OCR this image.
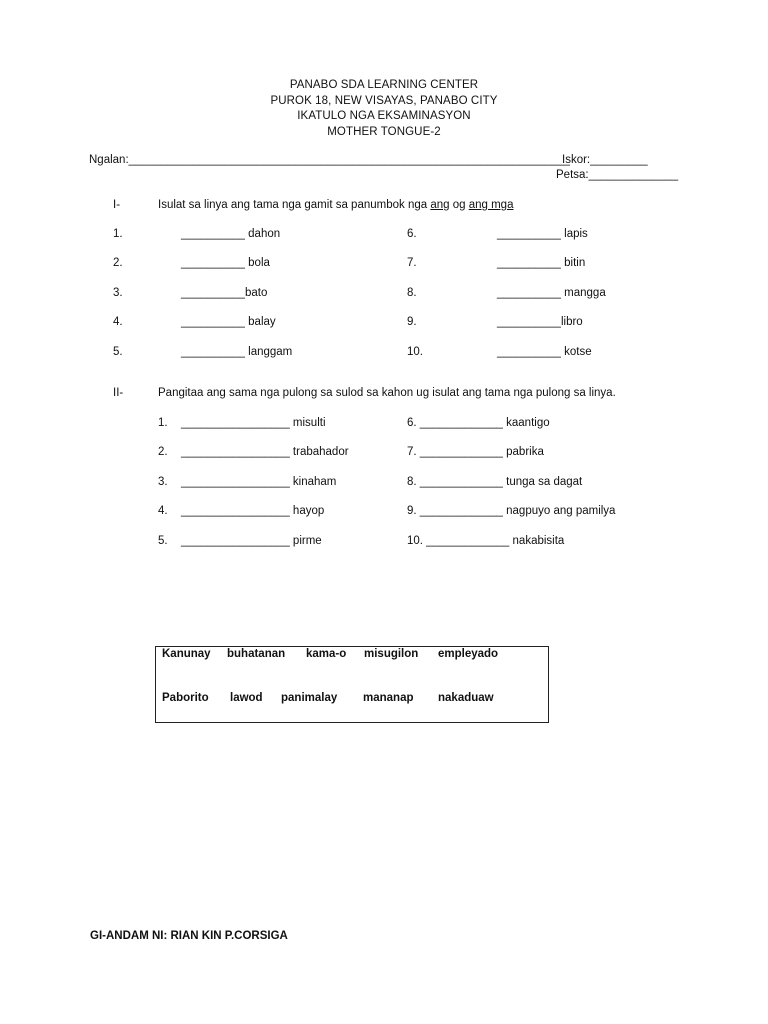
PANABO SDA LEARNING CENTER
PUROK 18, NEW VISAYAS, PANABO CITY
IKATULO NGA EKSAMINASYON
MOTHER TONGUE-2
Ngalan:_____________________________________________________________________
Iskor:_________
Petsa:______________
I-	Isulat sa linya ang tama nga gamit sa panumbok nga ang og ang mga
1.	__________ dahon
2.	__________ bola
3.	__________bato
4.	__________ balay
5.	__________ langgam
6.	__________ lapis
7.	__________ bitin
8.	__________ mangga
9.	__________libro
10.	__________ kotse
II-	Pangitaa ang sama nga pulong sa sulod sa kahon ug isulat ang tama nga pulong sa linya.
1. _________________ misulti
2. _________________ trabahador
3. _________________ kinaham
4. _________________ hayop
5. _________________ pirme
6. _____________ kaantigo
7. _____________ pabrika
8. _____________ tunga sa dagat
9. _____________ nagpuyo ang pamilya
10. _____________ nakabisita
Kanunay buhatanan kama-o misugilon empleyado
Paborito lawod panimalay mananap nakaduaw
GI-ANDAM NI: RIAN KIN P.CORSIGA
